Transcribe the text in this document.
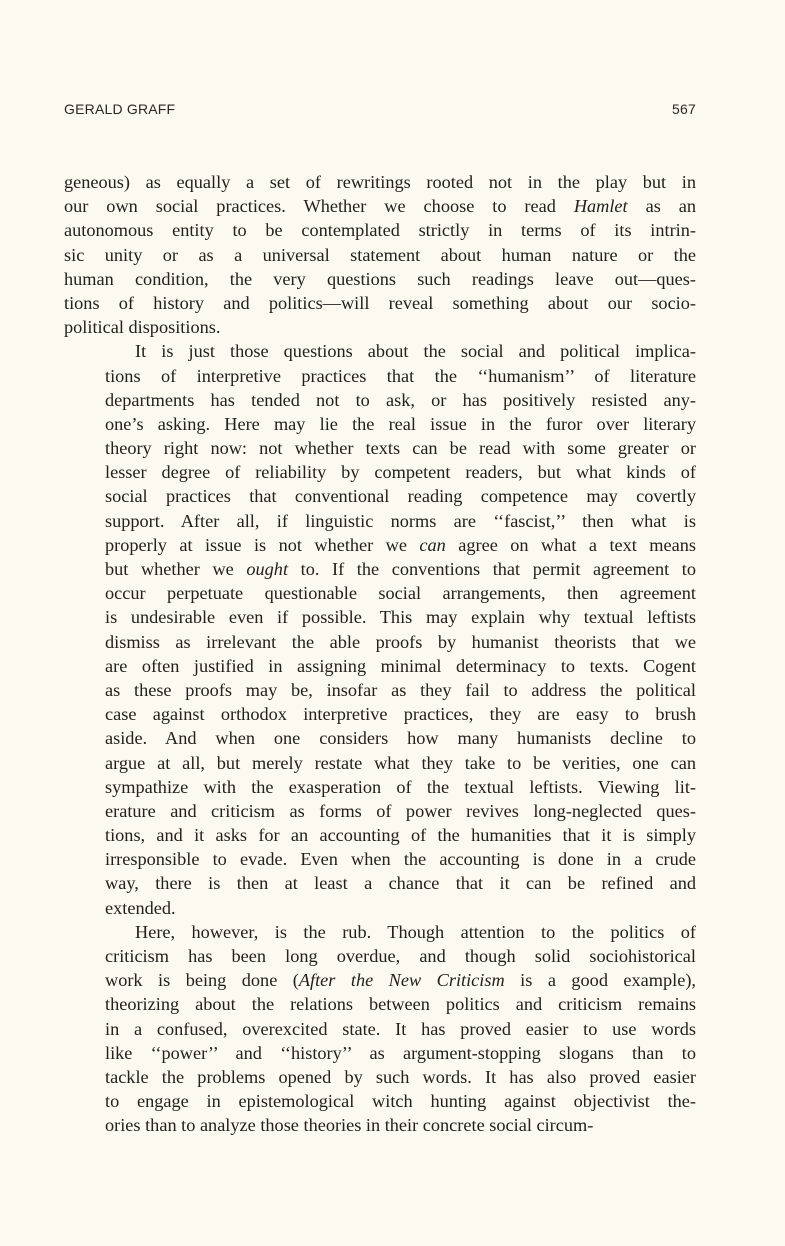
GERALD GRAFF	567
geneous) as equally a set of rewritings rooted not in the play but in
our own social practices. Whether we choose to read Hamlet as an
autonomous entity to be contemplated strictly in terms of its intrin-
sic unity or as a universal statement about human nature or the
human condition, the very questions such readings leave out—ques-
tions of history and politics—will reveal something about our socio-
political dispositions.
It is just those questions about the social and political implica-
tions of interpretive practices that the ‘‘humanism’’ of literature
departments has tended not to ask, or has positively resisted any-
one’s asking. Here may lie the real issue in the furor over literary
theory right now: not whether texts can be read with some greater or
lesser degree of reliability by competent readers, but what kinds of
social practices that conventional reading competence may covertly
support. After all, if linguistic norms are ‘‘fascist,’’ then what is
properly at issue is not whether we can agree on what a text means
but whether we ought to. If the conventions that permit agreement to
occur perpetuate questionable social arrangements, then agreement
is undesirable even if possible. This may explain why textual leftists
dismiss as irrelevant the able proofs by humanist theorists that we
are often justified in assigning minimal determinacy to texts. Cogent
as these proofs may be, insofar as they fail to address the political
case against orthodox interpretive practices, they are easy to brush
aside. And when one considers how many humanists decline to
argue at all, but merely restate what they take to be verities, one can
sympathize with the exasperation of the textual leftists. Viewing lit-
erature and criticism as forms of power revives long-neglected ques-
tions, and it asks for an accounting of the humanities that it is simply
irresponsible to evade. Even when the accounting is done in a crude
way, there is then at least a chance that it can be refined and
extended.
Here, however, is the rub. Though attention to the politics of
criticism has been long overdue, and though solid sociohistorical
work is being done (After the New Criticism is a good example),
theorizing about the relations between politics and criticism remains
in a confused, overexcited state. It has proved easier to use words
like ‘‘power’’ and ‘‘history’’ as argument-stopping slogans than to
tackle the problems opened by such words. It has also proved easier
to engage in epistemological witch hunting against objectivist the-
ories than to analyze those theories in their concrete social circum-
